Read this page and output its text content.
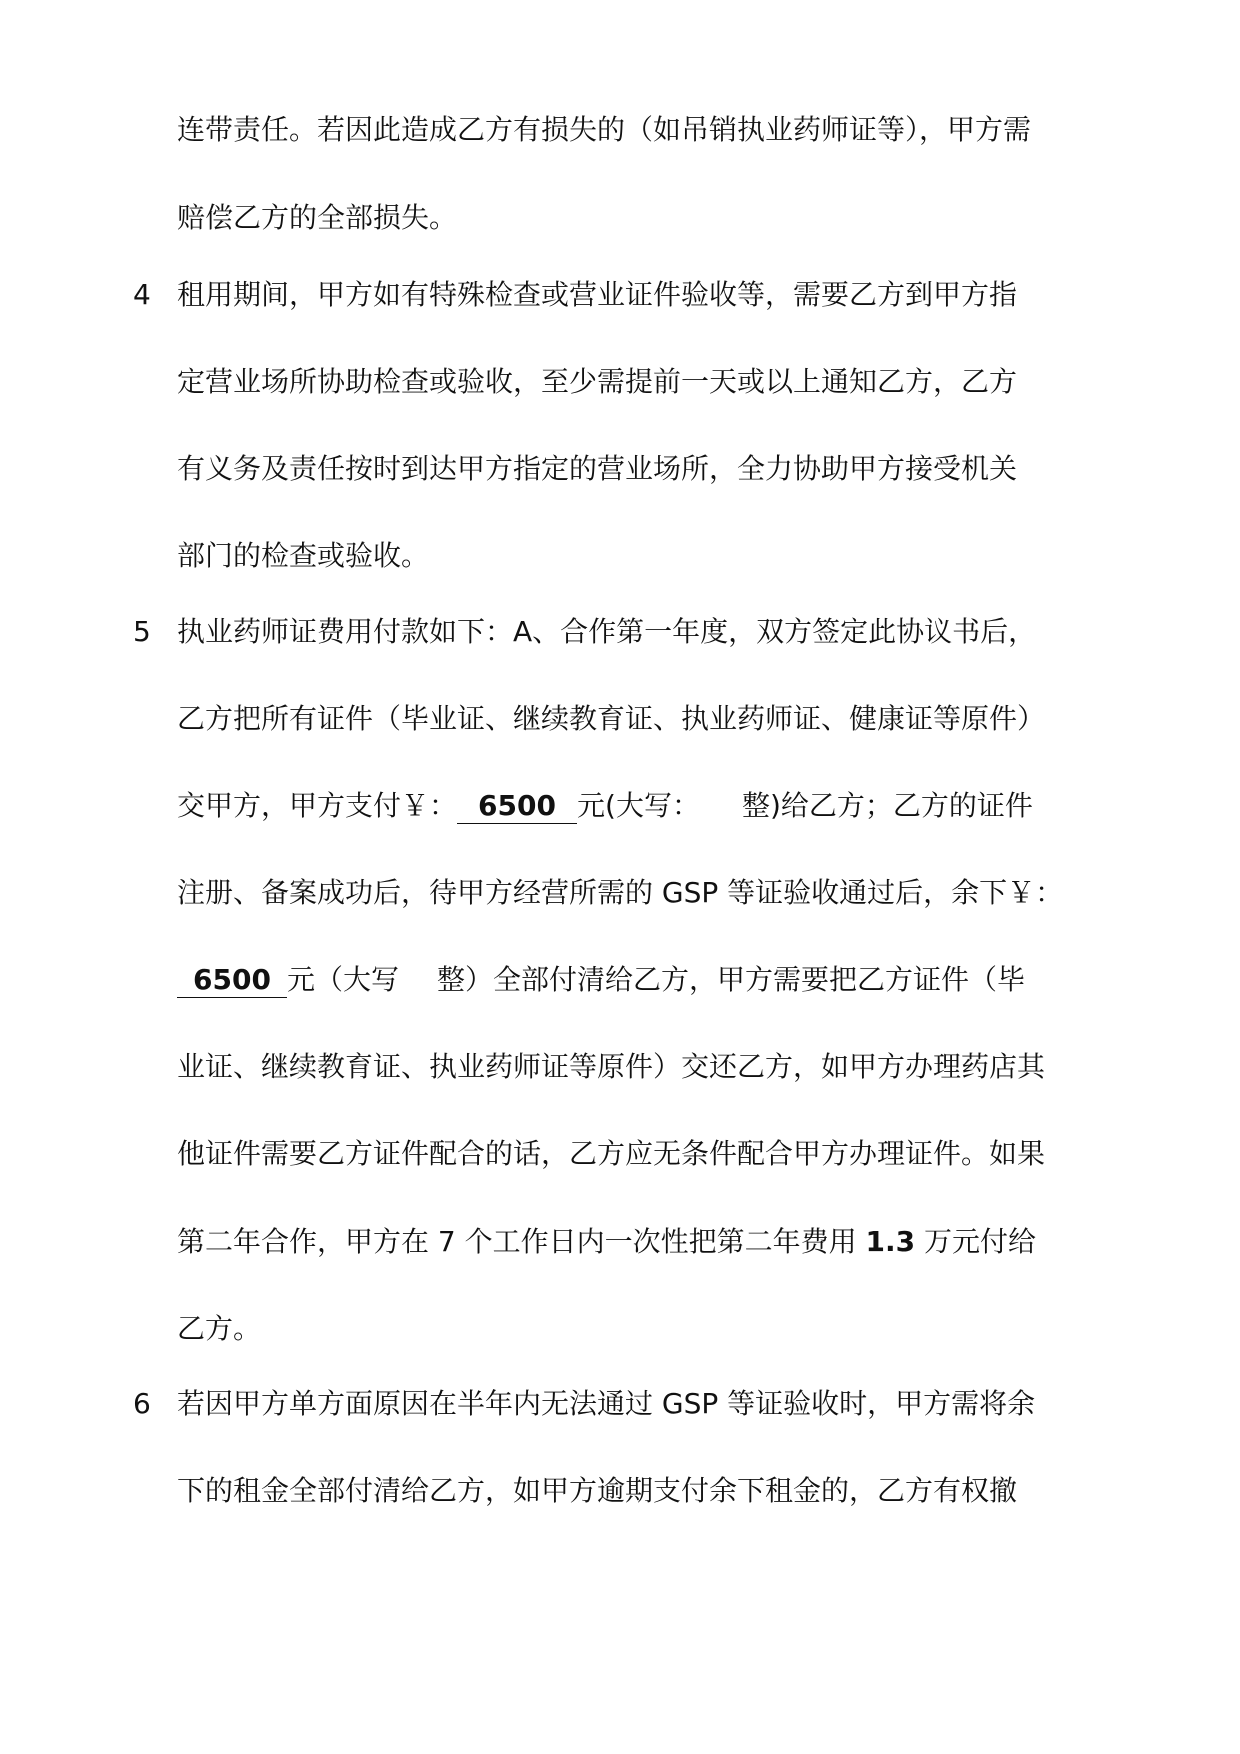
连带责任。若因此造成乙方有损失的（如吊销执业药师证等），甲方需
赔偿乙方的全部损失。
4 租用期间，甲方如有特殊检查或营业证件验收等，需要乙方到甲方指
定营业场所协助检查或验收，至少需提前一天或以上通知乙方，乙方
有义务及责任按时到达甲方指定的营业场所，全力协助甲方接受机关
部门的检查或验收。
5 执业药师证费用付款如下：A、合作第一年度，双方签定此协议书后，
乙方把所有证件（毕业证、继续教育证、执业药师证、健康证等原件）
交甲方，甲方支付￥： 6500 元(大写： 整)给乙方；乙方的证件
注册、备案成功后，待甲方经营所需的 GSP 等证验收通过后，余下￥：
6500 元（大写 整）全部付清给乙方，甲方需要把乙方证件（毕
业证、继续教育证、执业药师证等原件）交还乙方，如甲方办理药店其
他证件需要乙方证件配合的话，乙方应无条件配合甲方办理证件。如果
第二年合作，甲方在 7 个工作日内一次性把第二年费用 1.3 万元付给
乙方。
6 若因甲方单方面原因在半年内无法通过 GSP 等证验收时，甲方需将余
下的租金全部付清给乙方，如甲方逾期支付余下租金的，乙方有权撤
